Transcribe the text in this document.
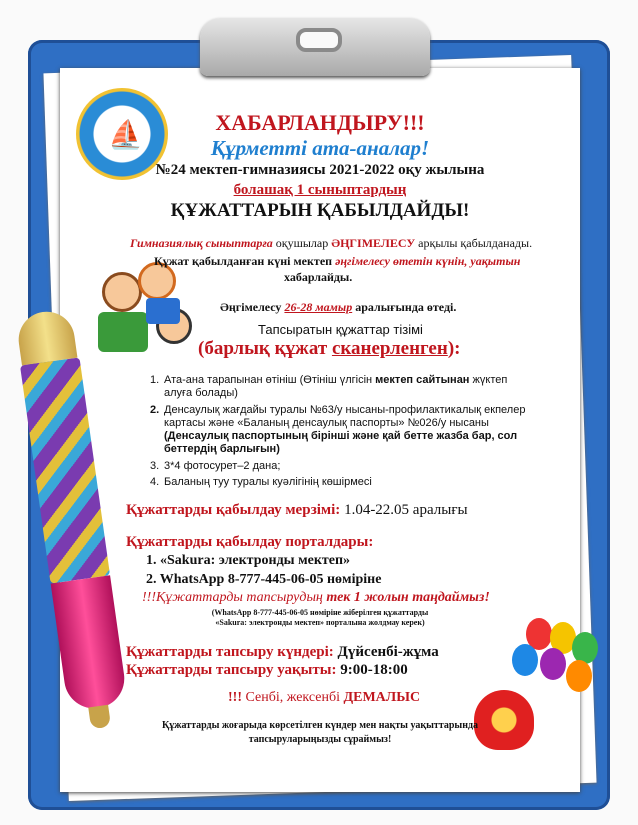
⛵	ХАБАРЛАНДЫРУ!!!
Құрметті ата-аналар!
№24 мектеп-гимназиясы 2021-2022 оқу жылына
болашақ 1 сыныптардың
ҚҰЖАТТАРЫН ҚАБЫЛДАЙДЫ!
Гимназиялық сыныптарға оқушылар ӘҢГІМЕЛЕСУ арқылы қабылданады.
Құжат қабылданған күні мектеп әңгімелесу өтетін күнін, уақытын
хабарлайды.
Әңгімелесу 26-28 мамыр аралығында өтеді.
Тапсыратын құжаттар тізімі
(барлық құжат сканерленген):
1. Ата-ана тарапынан өтініш (Өтініш үлгісін мектеп сайтынан жүктеп
алуға болады)
2. Денсаулық жағдайы туралы №63/у нысаны-профилактикалық екпелер
картасы және «Баланың денсаулық паспорты» №026/у нысаны
(Денсаулық паспортының бірінші және қай бетте жазба бар, сол
беттердің барлығын)
3. 3*4 фотосурет–2 дана;
4. Баланың туу туралы куәлігінің көшірмесі
Құжаттарды қабылдау мерзімі: 1.04-22.05 аралығы
Құжаттарды қабылдау порталдары:
1. «Sakura: электронды мектеп»
2. WhatsApp 8-777-445-06-05 нөміріне
!!!Құжаттарды тапсырудың тек 1 жолын таңдаймыз!
(WhatsApp 8-777-445-06-05 нөміріне жіберілген құжаттарды
«Sakura: электронды мектеп» порталына жолдмау керек)
Құжаттарды тапсыру күндері: Дүйсенбі-жұма
Құжаттарды тапсыру уақыты: 9:00-18:00
!!! Сенбі, жексенбі ДЕМАЛЫС
Құжаттарды жоғарыда көрсетілген күндер мен нақты уақыттарында
тапсыруларыңызды сұраймыз!
